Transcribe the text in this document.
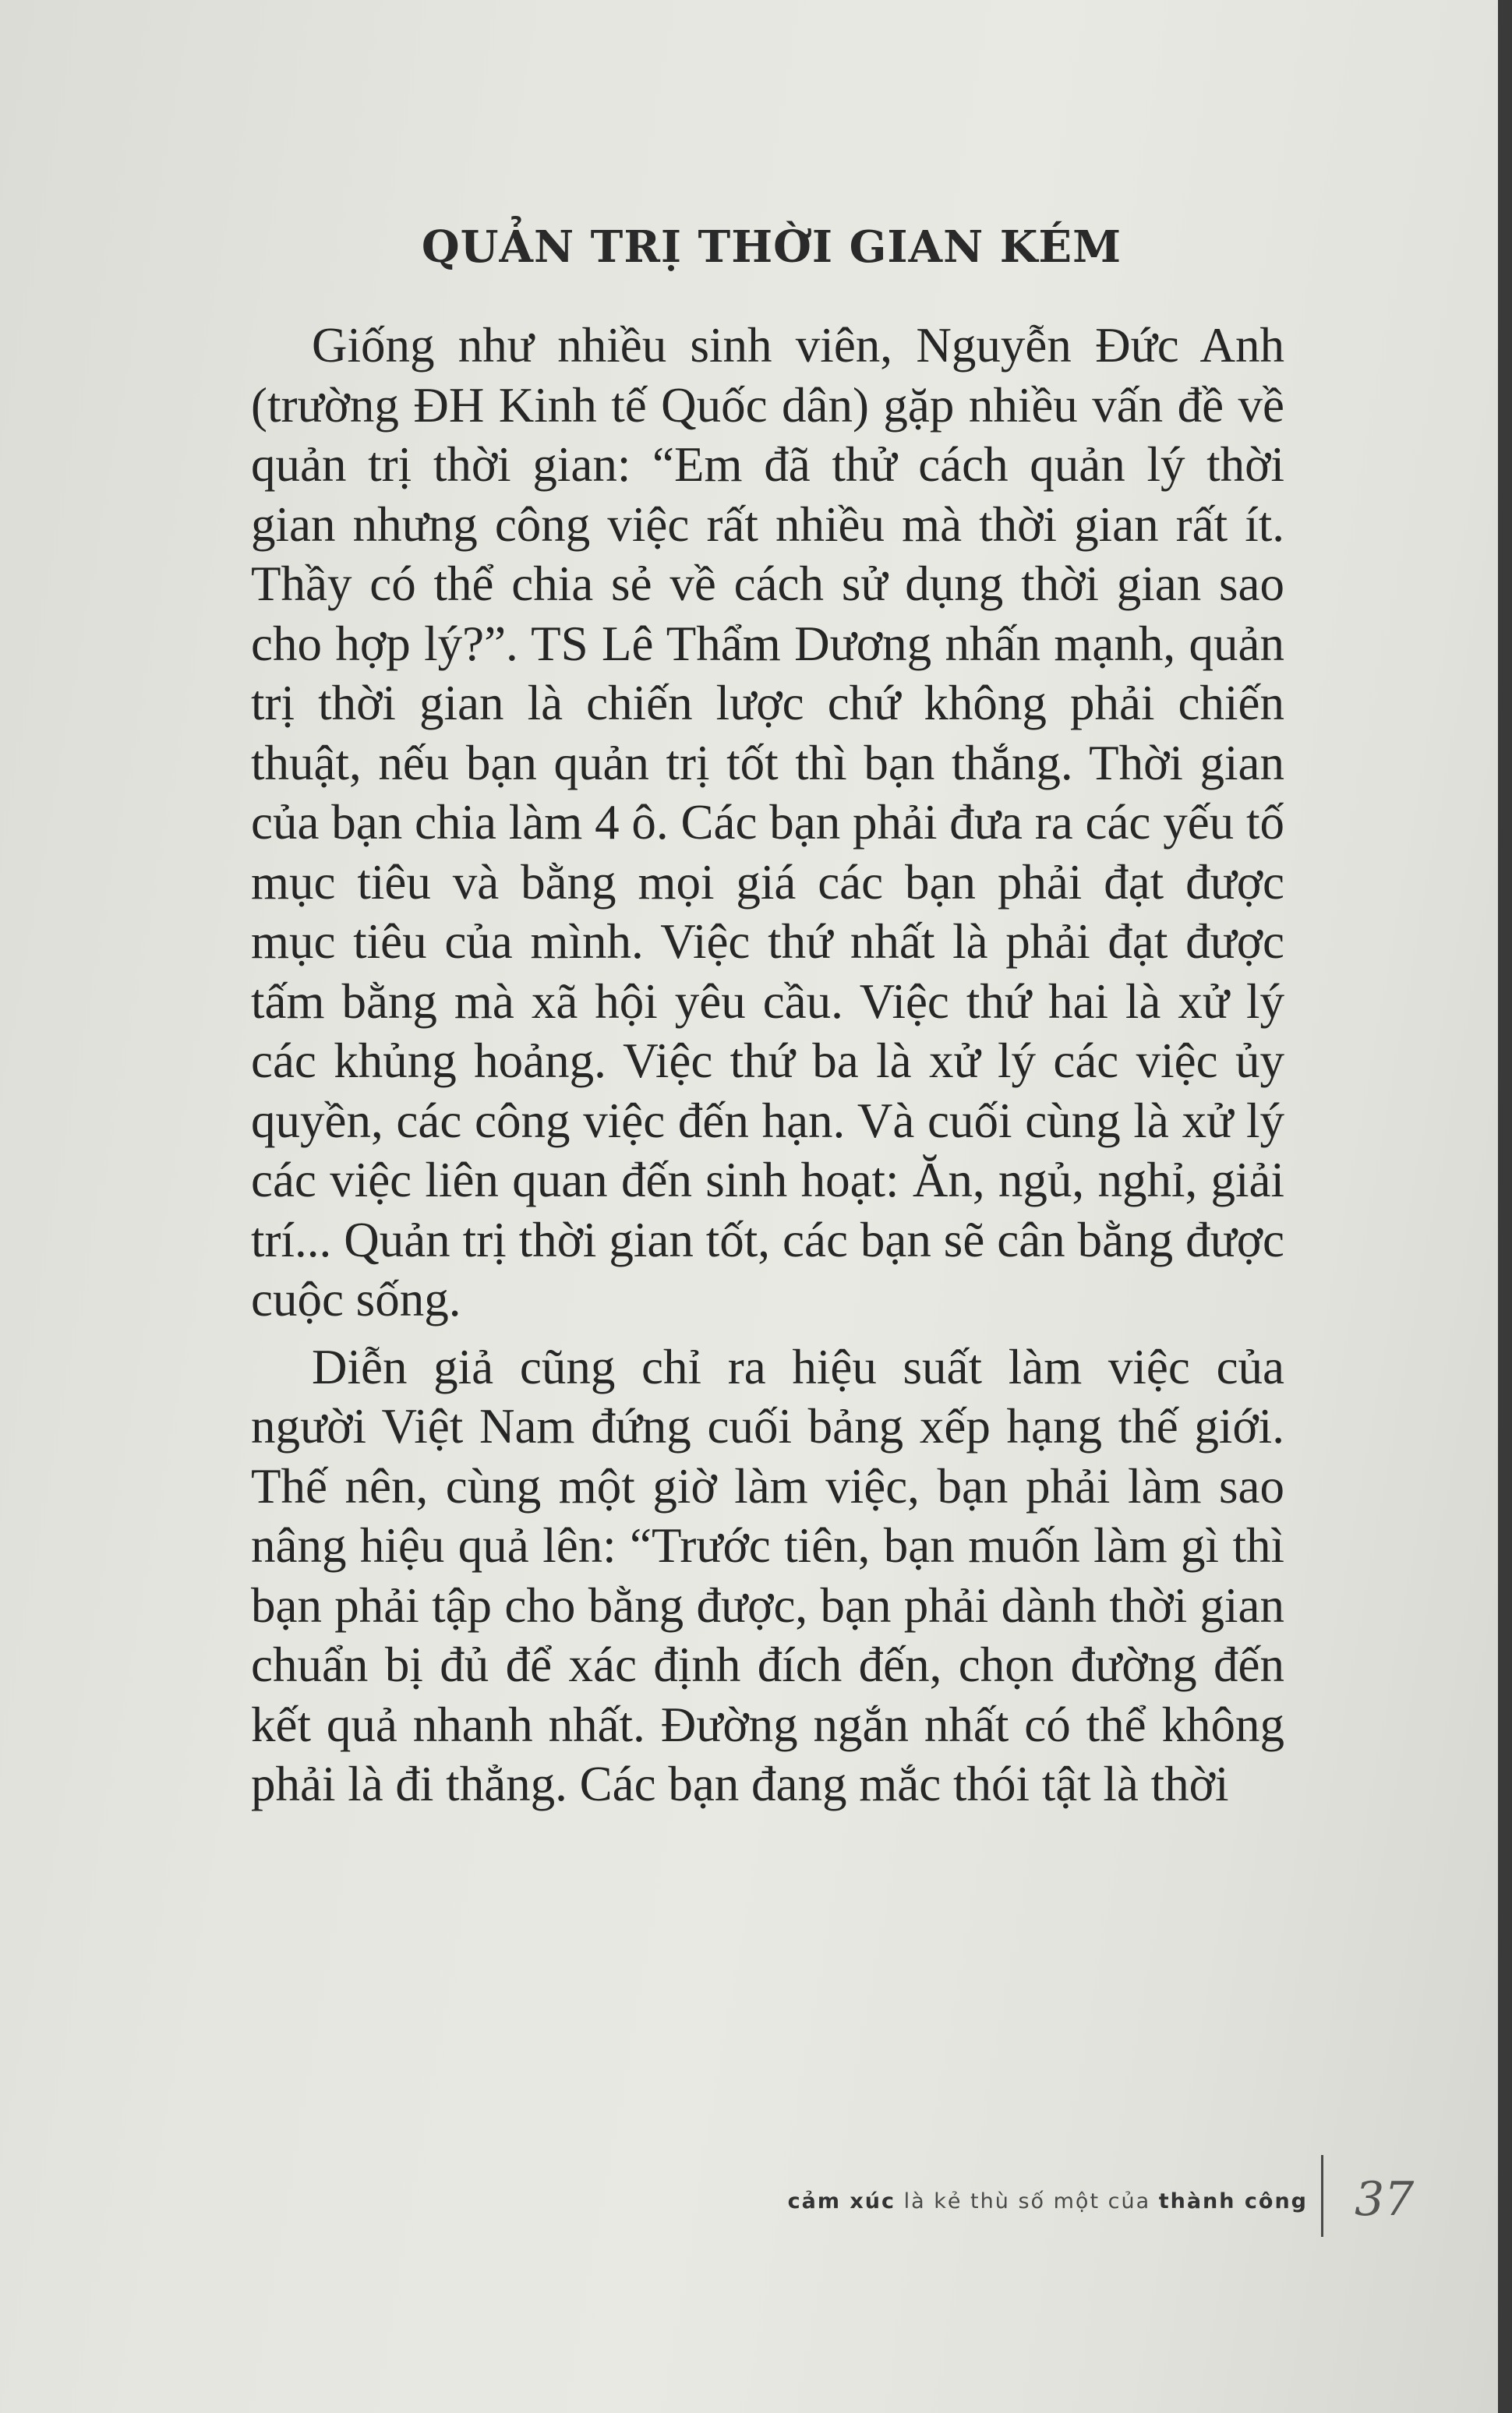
QUẢN TRỊ THỜI GIAN KÉM

Giống như nhiều sinh viên, Nguyễn Đức Anh (trường ĐH Kinh tế Quốc dân) gặp nhiều vấn đề về quản trị thời gian: “Em đã thử cách quản lý thời gian nhưng công việc rất nhiều mà thời gian rất ít. Thầy có thể chia sẻ về cách sử dụng thời gian sao cho hợp lý?”. TS Lê Thẩm Dương nhấn mạnh, quản trị thời gian là chiến lược chứ không phải chiến thuật, nếu bạn quản trị tốt thì bạn thắng. Thời gian của bạn chia làm 4 ô. Các bạn phải đưa ra các yếu tố mục tiêu và bằng mọi giá các bạn phải đạt được mục tiêu của mình. Việc thứ nhất là phải đạt được tấm bằng mà xã hội yêu cầu. Việc thứ hai là xử lý các khủng hoảng. Việc thứ ba là xử lý các việc ủy quyền, các công việc đến hạn. Và cuối cùng là xử lý các việc liên quan đến sinh hoạt: Ăn, ngủ, nghỉ, giải trí... Quản trị thời gian tốt, các bạn sẽ cân bằng được cuộc sống.

Diễn giả cũng chỉ ra hiệu suất làm việc của người Việt Nam đứng cuối bảng xếp hạng thế giới. Thế nên, cùng một giờ làm việc, bạn phải làm sao nâng hiệu quả lên: “Trước tiên, bạn muốn làm gì thì bạn phải tập cho bằng được, bạn phải dành thời gian chuẩn bị đủ để xác định đích đến, chọn đường đến kết quả nhanh nhất. Đường ngắn nhất có thể không phải là đi thẳng. Các bạn đang mắc thói tật là thời

cảm xúc là kẻ thù số một của thành công 37
